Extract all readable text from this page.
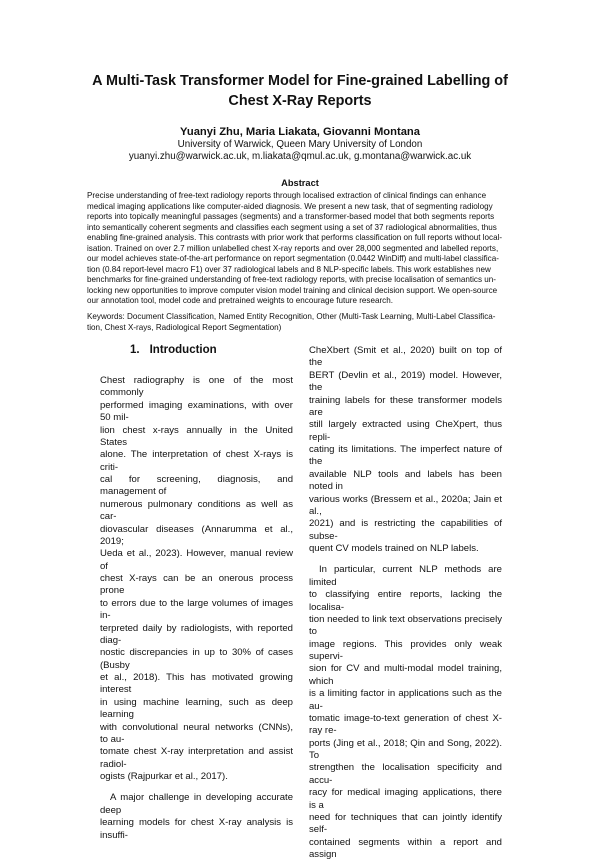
A Multi-Task Transformer Model for Fine-grained Labelling of
Chest X-Ray Reports
Yuanyi Zhu, Maria Liakata, Giovanni Montana
University of Warwick, Queen Mary University of London
yuanyi.zhu@warwick.ac.uk, m.liakata@qmul.ac.uk, g.montana@warwick.ac.uk
Abstract
Precise understanding of free-text radiology reports through localised extraction of clinical findings can enhance
medical imaging applications like computer-aided diagnosis. We present a new task, that of segmenting radiology
reports into topically meaningful passages (segments) and a transformer-based model that both segments reports
into semantically coherent segments and classifies each segment using a set of 37 radiological abnormalities, thus
enabling fine-grained analysis. This contrasts with prior work that performs classification on full reports without local-
isation. Trained on over 2.7 million unlabelled chest X-ray reports and over 28,000 segmented and labelled reports,
our model achieves state-of-the-art performance on report segmentation (0.0442 WinDiff) and multi-label classifica-
tion (0.84 report-level macro F1) over 37 radiological labels and 8 NLP-specific labels. This work establishes new
benchmarks for fine-grained understanding of free-text radiology reports, with precise localisation of semantics un-
locking new opportunities to improve computer vision model training and clinical decision support. We open-source
our annotation tool, model code and pretrained weights to encourage future research.
Keywords: Document Classification, Named Entity Recognition, Other (Multi-Task Learning, Multi-Label Classifica-
tion, Chest X-rays, Radiological Report Segmentation)
1. Introduction

Chest radiography is one of the most commonly
performed imaging examinations, with over 50 mil-
lion chest x-rays annually in the United States
alone. The interpretation of chest X-rays is criti-
cal for screening, diagnosis, and management of
numerous pulmonary conditions as well as car-
diovascular diseases (Annarumma et al., 2019;
Ueda et al., 2023). However, manual review of
chest X-rays can be an onerous process prone
to errors due to the large volumes of images in-
terpreted daily by radiologists, with reported diag-
nostic discrepancies in up to 30% of cases (Busby
et al., 2018). This has motivated growing interest
in using machine learning, such as deep learning
with convolutional neural networks (CNNs), to au-
tomate chest X-ray interpretation and assist radiol-
ogists (Rajpurkar et al., 2017).

A major challenge in developing accurate deep
learning models for chest X-ray analysis is insuffi-

CheXbert (Smit et al., 2020) built on top of the
BERT (Devlin et al., 2019) model. However, the
training labels for these transformer models are
still largely extracted using CheXpert, thus repli-
cating its limitations. The imperfect nature of the
available NLP tools and labels has been noted in
various works (Bressem et al., 2020a; Jain et al.,
2021) and is restricting the capabilities of subse-
quent CV models trained on NLP labels.

In particular, current NLP methods are limited
to classifying entire reports, lacking the localisa-
tion needed to link text observations precisely to
image regions. This provides only weak supervi-
sion for CV and multi-modal model training, which
is a limiting factor in applications such as the au-
tomatic image-to-text generation of chest X-ray re-
ports (Jing et al., 2018; Qin and Song, 2022). To
strengthen the localisation specificity and accu-
racy for medical imaging applications, there is a
need for techniques that can jointly identify self-
contained segments within a report and assign
